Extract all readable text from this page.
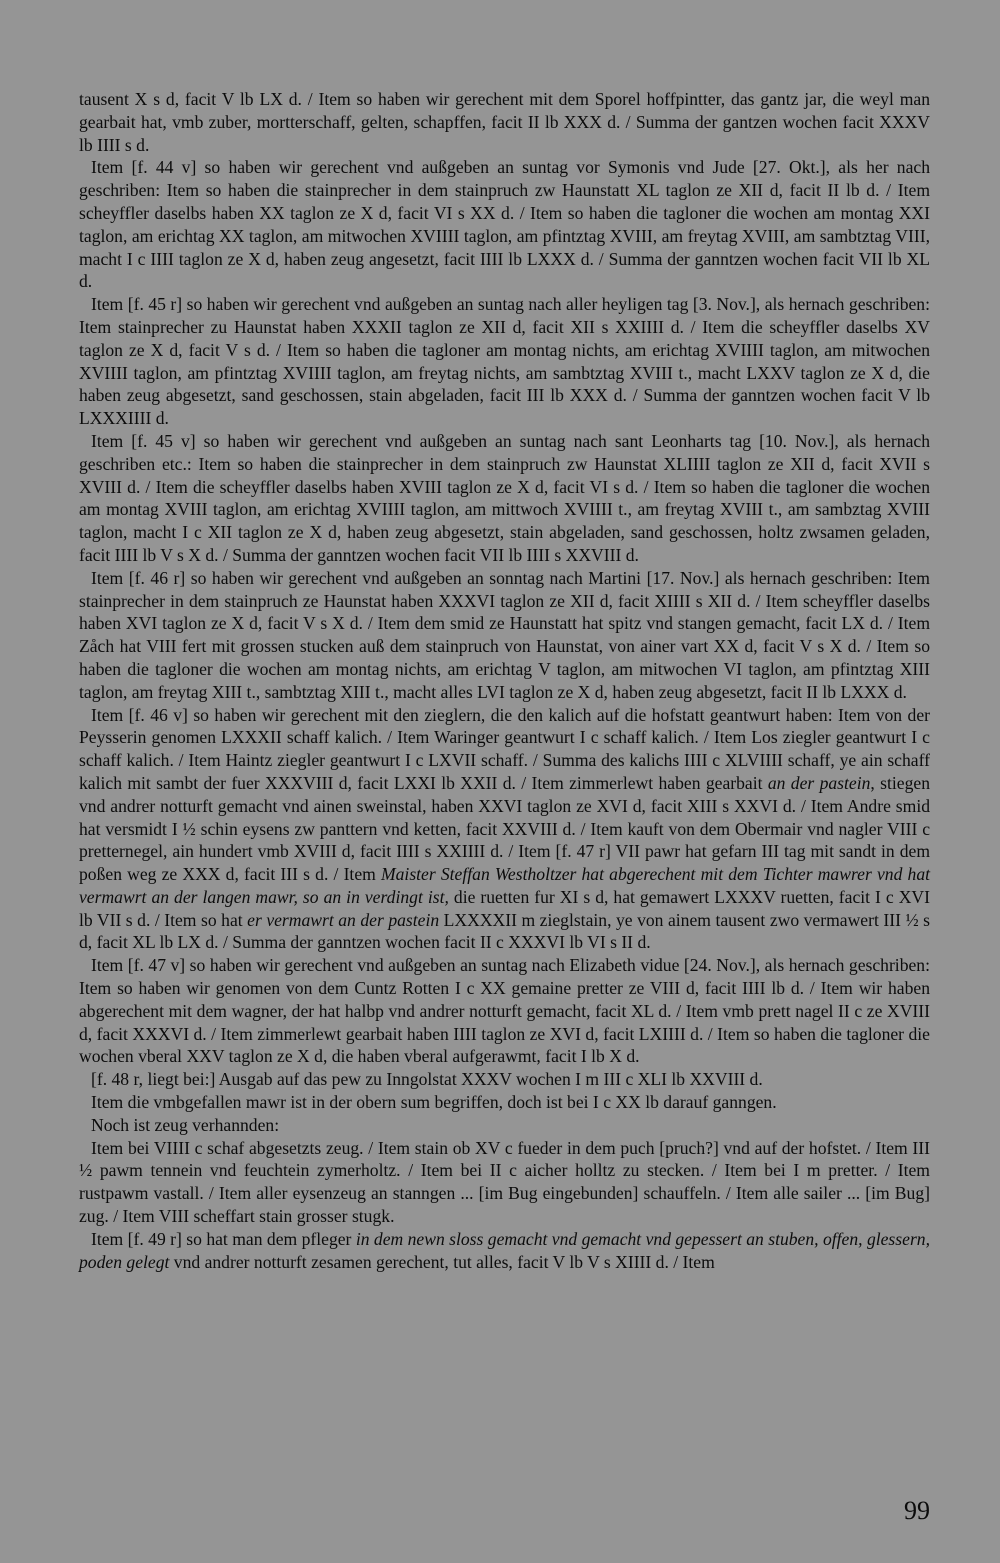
tausent X s d, facit V lb LX d. / Item so haben wir gerechent mit dem Sporel hoffpintter, das gantz jar, die weyl man gearbait hat, vmb zuber, mortterschaff, gelten, schapffen, facit II lb XXX d. / Summa der gantzen wochen facit XXXV lb IIII s d.

Item [f. 44 v] so haben wir gerechent vnd außgeben an suntag vor Symonis vnd Jude [27. Okt.], als her nach geschriben: Item so haben die stainprecher in dem stainpruch zw Haunstatt XL taglon ze XII d, facit II lb d. / Item scheyffler daselbs haben XX taglon ze X d, facit VI s XX d. / Item so haben die tagloner die wochen am montag XXI taglon, am erichtag XX taglon, am mitwochen XVIIII taglon, am pfintztag XVIII, am freytag XVIII, am sambtztag VIII, macht I c IIII taglon ze X d, haben zeug angesetzt, facit IIII lb LXXX d. / Summa der ganntzen wochen facit VII lb XL d.

Item [f. 45 r] so haben wir gerechent vnd außgeben an suntag nach aller heyligen tag [3. Nov.], als hernach geschriben: Item stainprecher zu Haunstat haben XXXII taglon ze XII d, facit XII s XXIIII d. / Item die scheyffler daselbs XV taglon ze X d, facit V s d. / Item so haben die tagloner am montag nichts, am erichtag XVIIII taglon, am mitwochen XVIIII taglon, am pfintztag XVIIII taglon, am freytag nichts, am sambtztag XVIII t., macht LXXV taglon ze X d, die haben zeug abgesetzt, sand geschossen, stain abgeladen, facit III lb XXX d. / Summa der ganntzen wochen facit V lb LXXXIIII d.

Item [f. 45 v] so haben wir gerechent vnd außgeben an suntag nach sant Leonharts tag [10. Nov.], als hernach geschriben etc.: Item so haben die stainprecher in dem stainpruch zw Haunstat XLIIII taglon ze XII d, facit XVII s XVIII d. / Item die scheyffler daselbs haben XVIII taglon ze X d, facit VI s d. / Item so haben die tagloner die wochen am montag XVIII taglon, am erichtag XVIIII taglon, am mittwoch XVIIII t., am freytag XVIII t., am sambztag XVIII taglon, macht I c XII taglon ze X d, haben zeug abgesetzt, stain abgeladen, sand geschossen, holtz zwsamen geladen, facit IIII lb V s X d. / Summa der ganntzen wochen facit VII lb IIII s XXVIII d.

Item [f. 46 r] so haben wir gerechent vnd außgeben an sonntag nach Martini [17. Nov.] als hernach geschriben: Item stainprecher in dem stainpruch ze Haunstat haben XXXVI taglon ze XII d, facit XIIII s XII d. / Item scheyffler daselbs haben XVI taglon ze X d, facit V s X d. / Item dem smid ze Haunstatt hat spitz vnd stangen gemacht, facit LX d. / Item Zåch hat VIII fert mit grossen stucken auß dem stainpruch von Haunstat, von ainer vart XX d, facit V s X d. / Item so haben die tagloner die wochen am montag nichts, am erichtag V taglon, am mitwochen VI taglon, am pfintztag XIII taglon, am freytag XIII t., sambtztag XIII t., macht alles LVI taglon ze X d, haben zeug abgesetzt, facit II lb LXXX d.

Item [f. 46 v] so haben wir gerechent mit den zieglern, die den kalich auf die hofstatt geantwurt haben: Item von der Peysserin genomen LXXXII schaff kalich. / Item Waringer geantwurt I c schaff kalich. / Item Los ziegler geantwurt I c schaff kalich. / Item Haintz ziegler geantwurt I c LXVII schaff. / Summa des kalichs IIII c XLVIIII schaff, ye ain schaff kalich mit sambt der fuer XXXVIII d, facit LXXI lb XXII d. / Item zimmerlewt haben gearbait an der pastein, stiegen vnd andrer notturft gemacht vnd ainen sweinstal, haben XXVI taglon ze XVI d, facit XIII s XXVI d. / Item Andre smid hat versmidt I ½ schin eysens zw panttern vnd ketten, facit XXVIII d. / Item kauft von dem Obermair vnd nagler VIII c pretternegel, ain hundert vmb XVIII d, facit IIII s XXIIII d. / Item [f. 47 r] VII pawr hat gefarn III tag mit sandt in dem poßen weg ze XXX d, facit III s d. / Item Maister Steffan Westholtzer hat abgerechent mit dem Tichter mawrer vnd hat vermawrt an der langen mawr, so an in verdingt ist, die ruetten fur XI s d, hat gemawert LXXXV ruetten, facit I c XVI lb VII s d. / Item so hat er vermawrt an der pastein LXXXXII m zieglstain, ye von ainem tausent zwo vermawert III ½ s d, facit XL lb LX d. / Summa der ganntzen wochen facit II c XXXVI lb VI s II d.

Item [f. 47 v] so haben wir gerechent vnd außgeben an suntag nach Elizabeth vidue [24. Nov.], als hernach geschriben: Item so haben wir genomen von dem Cuntz Rotten I c XX gemaine pretter ze VIII d, facit IIII lb d. / Item wir haben abgerechent mit dem wagner, der hat halbp vnd andrer notturft gemacht, facit XL d. / Item vmb prett nagel II c ze XVIII d, facit XXXVI d. / Item zimmerlewt gearbait haben IIII taglon ze XVI d, facit LXIIII d. / Item so haben die tagloner die wochen vberal XXV taglon ze X d, die haben vberal aufgerawmt, facit I lb X d.

[f. 48 r, liegt bei:] Ausgab auf das pew zu Inngolstat XXXV wochen I m III c XLI lb XXVIII d.

Item die vmbgefallen mawr ist in der obern sum begriffen, doch ist bei I c XX lb darauf ganngen.

Noch ist zeug verhannden:

Item bei VIIII c schaf abgesetzts zeug. / Item stain ob XV c fueder in dem puch [pruch?] vnd auf der hofstet. / Item III ½ pawm tennein vnd feuchtein zymerholtz. / Item bei II c aicher holltz zu stecken. / Item bei I m pretter. / Item rustpawm vastall. / Item aller eysenzeug an stanngen ... [im Bug eingebunden] schauffeln. / Item alle sailer ... [im Bug] zug. / Item VIII scheffart stain grosser stugk.

Item [f. 49 r] so hat man dem pfleger in dem newn sloss gemacht vnd gemacht vnd gepessert an stuben, offen, glessern, poden gelegt vnd andrer notturft zesamen gerechent, tut alles, facit V lb V s XIIII d. / Item

99
